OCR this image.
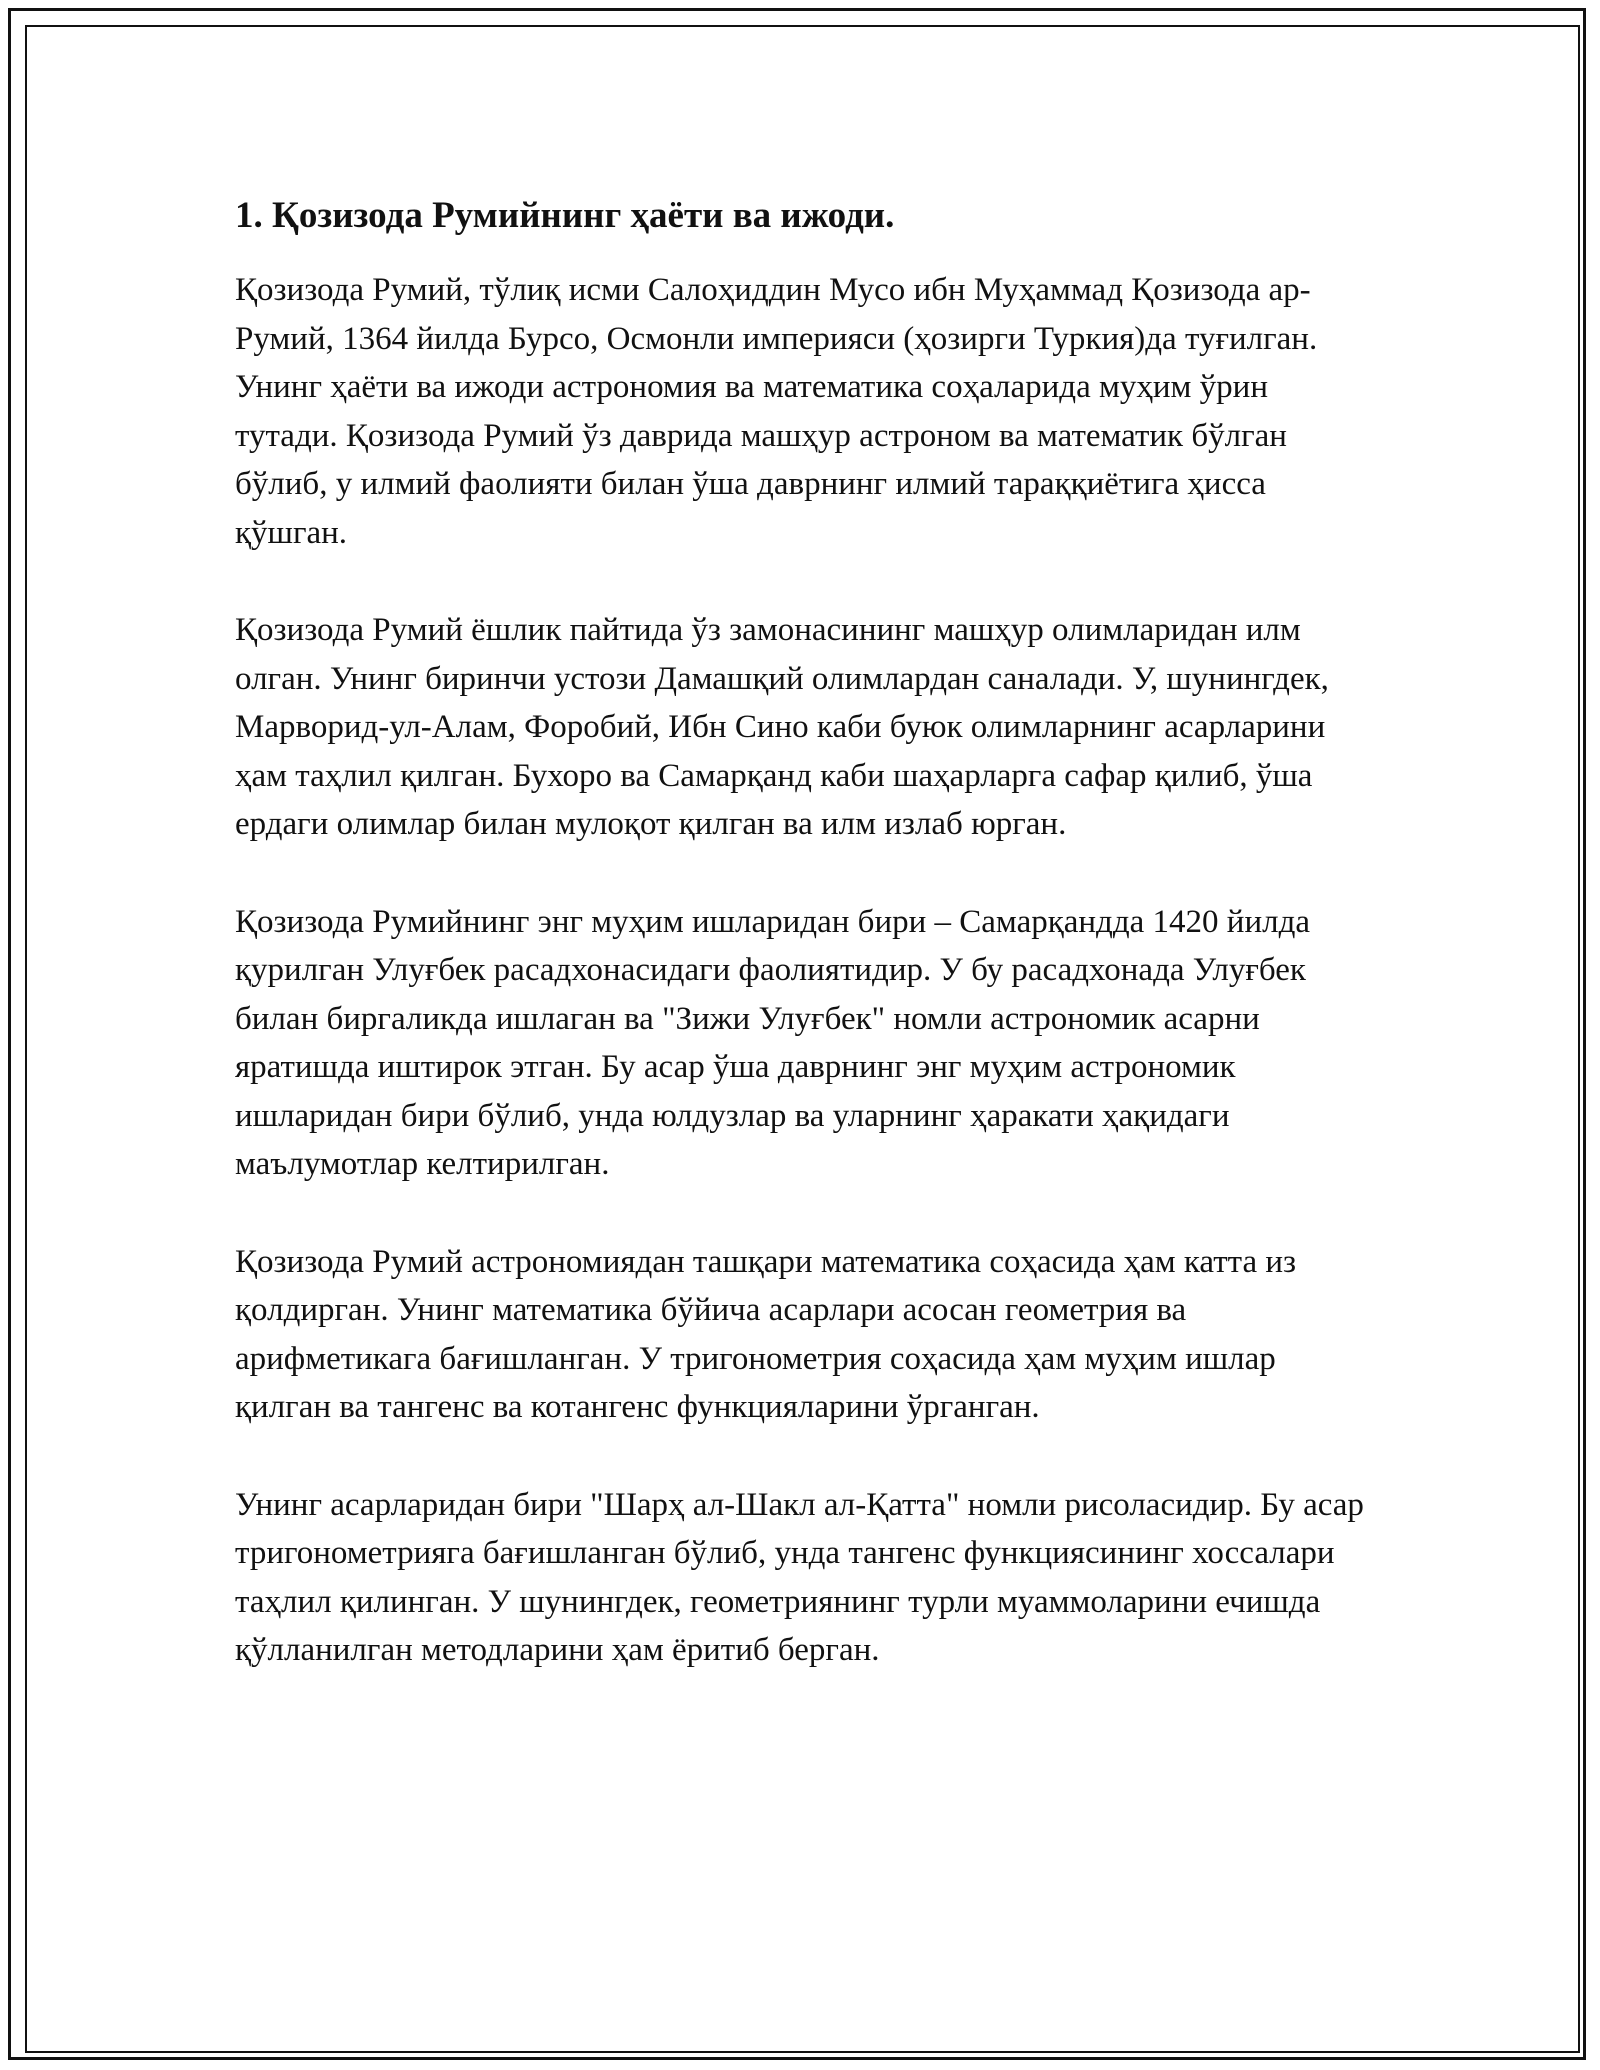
1. Қозизода Румийнинг ҳаёти ва ижоди.

Қозизода Румий, тўлиқ исми Салоҳиддин Мусо ибн Муҳаммад Қозизода ар-Румий, 1364 йилда Бурсо, Осмонли империяси (ҳозирги Туркия)да туғилган. Унинг ҳаёти ва ижоди астрономия ва математика соҳаларида муҳим ўрин тутади. Қозизода Румий ўз даврида машҳур астроном ва математик бўлган бўлиб, у илмий фаолияти билан ўша даврнинг илмий тараққиётига ҳисса қўшган.

Қозизода Румий ёшлик пайтида ўз замонасининг машҳур олимларидан илм олган. Унинг биринчи устози Дамашқий олимлардан саналади. У, шунингдек, Марворид-ул-Алам, Форобий, Ибн Сино каби буюк олимларнинг асарларини ҳам таҳлил қилган. Бухоро ва Самарқанд каби шаҳарларга сафар қилиб, ўша ердаги олимлар билан мулоқот қилган ва илм излаб юрган.

Қозизода Румийнинг энг муҳим ишларидан бири – Самарқандда 1420 йилда қурилган Улуғбек расадхонасидаги фаолиятидир. У бу расадхонада Улуғбек билан биргаликда ишлаган ва "Зижи Улуғбек" номли астрономик асарни яратишда иштирок этган. Бу асар ўша даврнинг энг муҳим астрономик ишларидан бири бўлиб, унда юлдузлар ва уларнинг ҳаракати ҳақидаги маълумотлар келтирилган.

Қозизода Румий астрономиядан ташқари математика соҳасида ҳам катта из қолдирган. Унинг математика бўйича асарлари асосан геометрия ва арифметикага бағишланган. У тригонометрия соҳасида ҳам муҳим ишлар қилган ва тангенс ва котангенс функцияларини ўрганган.

Унинг асарларидан бири "Шарҳ ал-Шакл ал-Қатта" номли рисоласидир. Бу асар тригонометрияга бағишланган бўлиб, унда тангенс функциясининг хоссалари таҳлил қилинган. У шунингдек, геометриянинг турли муаммоларини ечишда қўлланилган методларини ҳам ёритиб берган.
